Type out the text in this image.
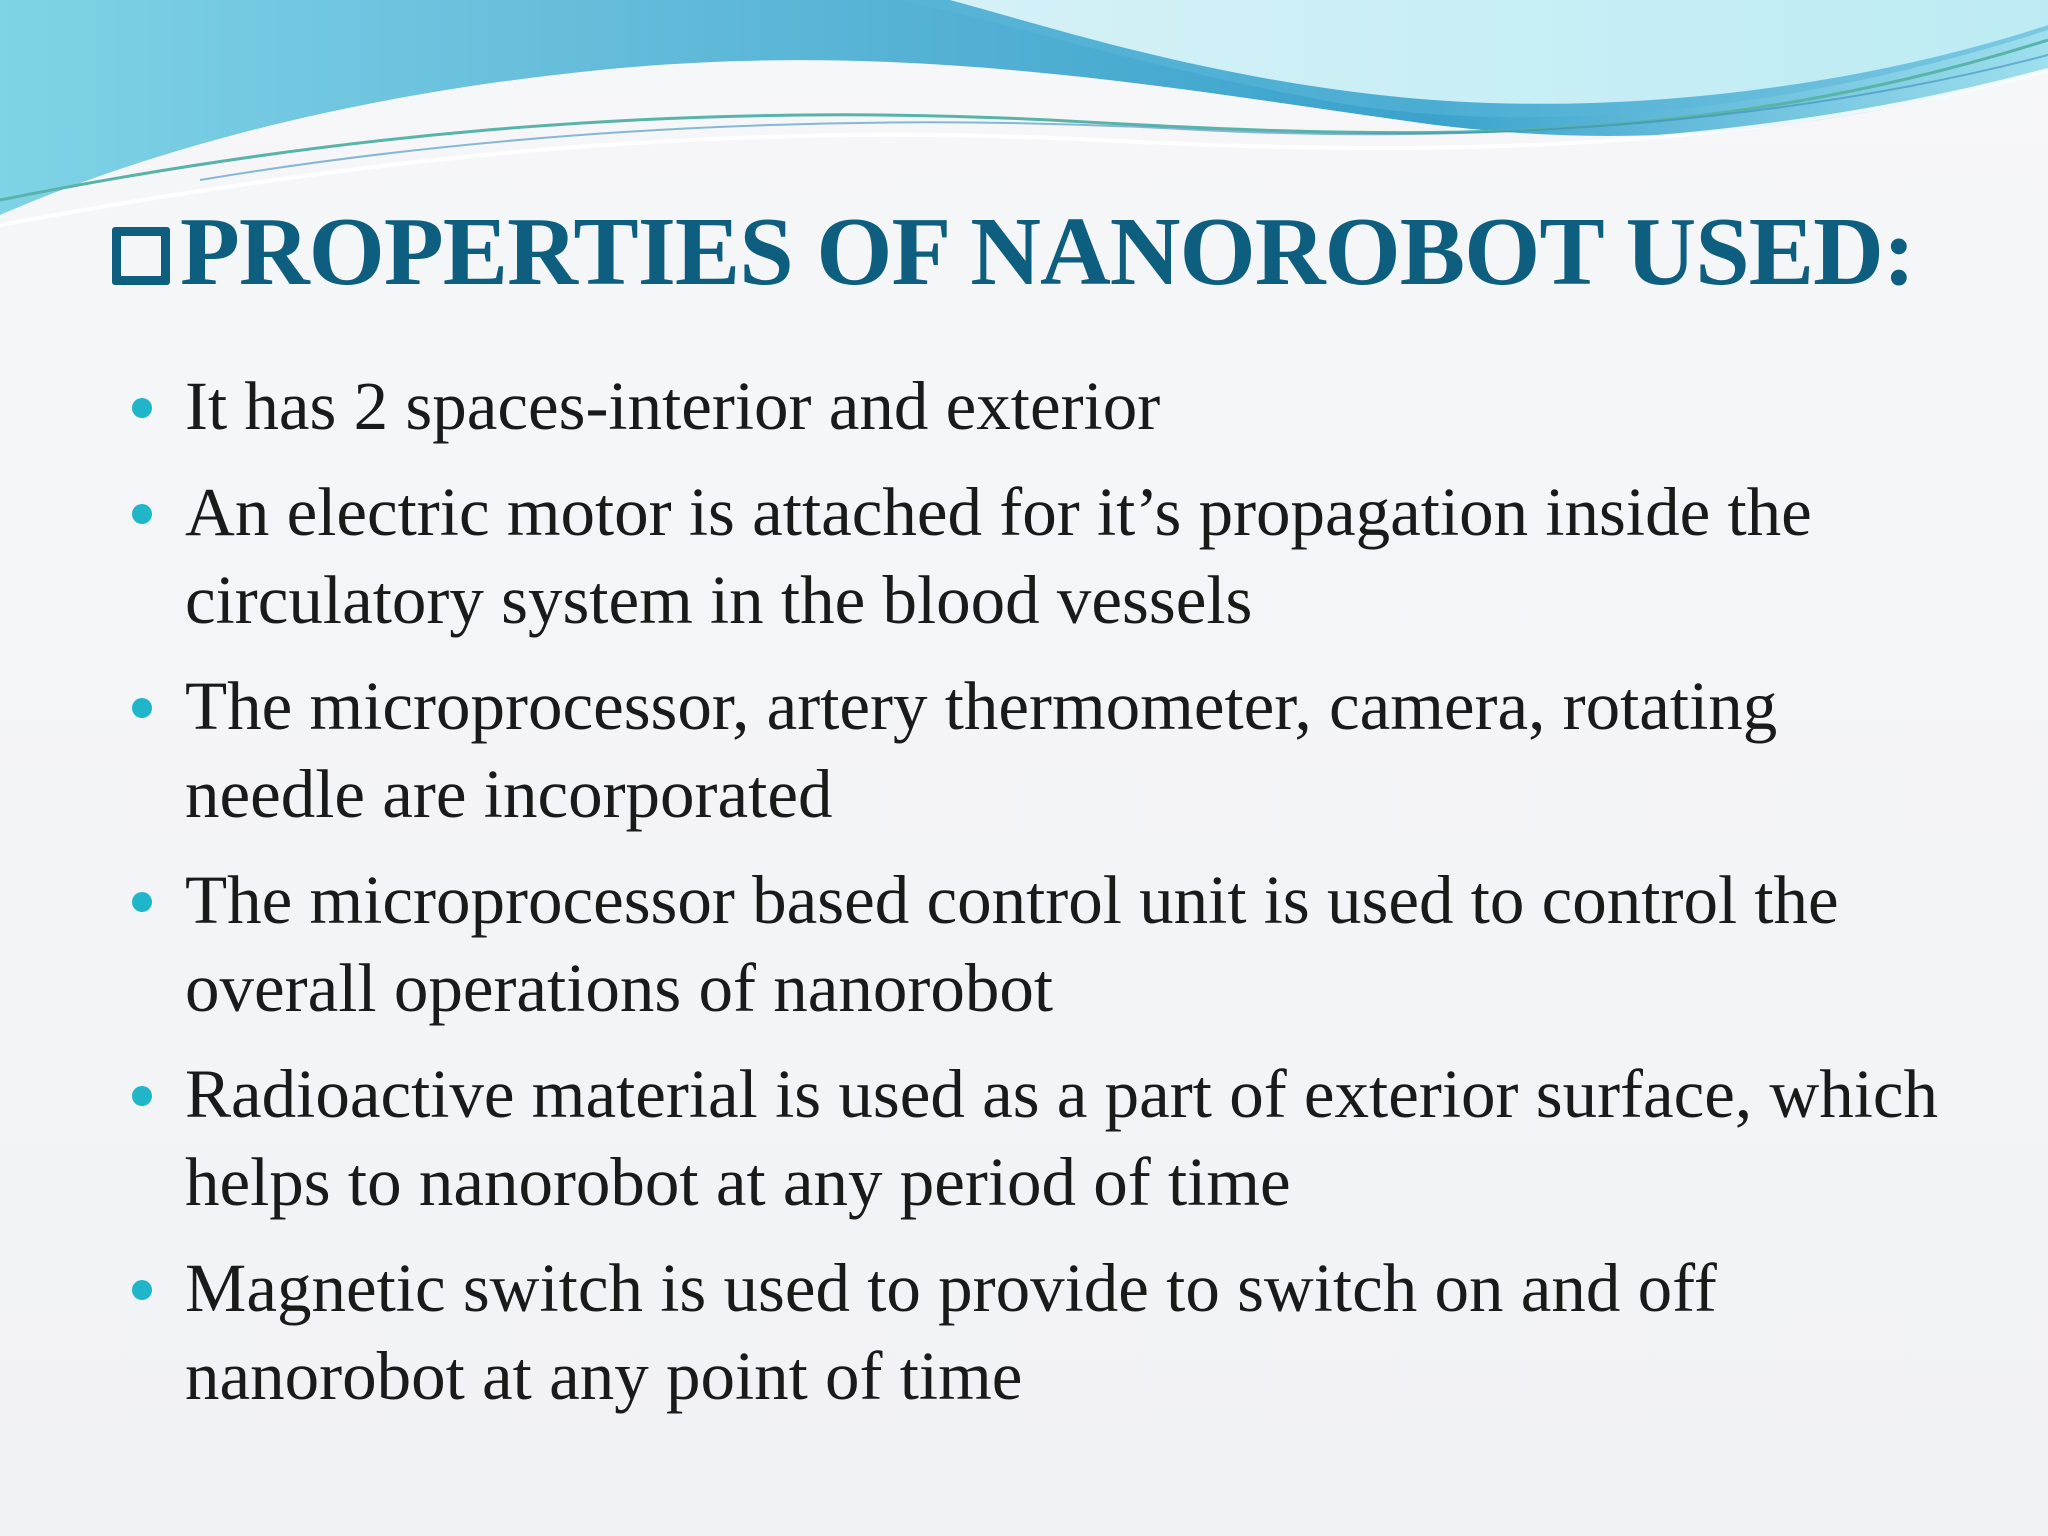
PROPERTIES OF NANOROBOT USED:
It has 2 spaces-interior and exterior
An electric motor is attached for it’s propagation inside the circulatory system in the blood vessels
The microprocessor, artery thermometer, camera, rotating needle are incorporated
The microprocessor based control unit is used to control the overall operations of nanorobot
Radioactive material is used as a part of exterior surface, which helps to nanorobot at any period of time
Magnetic switch is used to provide to switch on and off nanorobot at any point of time
